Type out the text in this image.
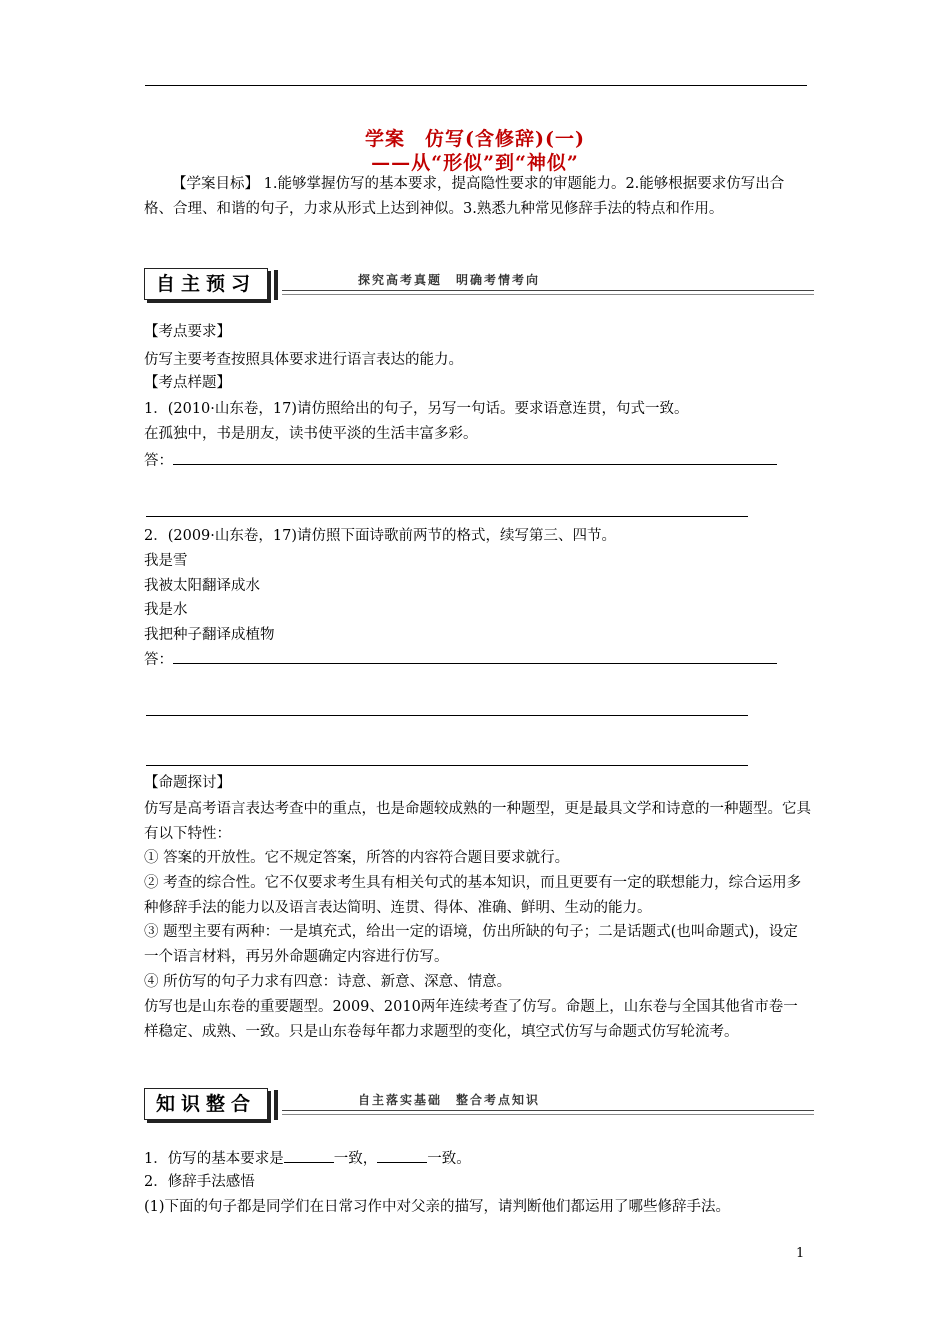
学案　仿写(含修辞)(一)
——从“形似”到“神似”
【学案目标】 1.能够掌握仿写的基本要求，提高隐性要求的审题能力。2.能够根据要求仿写出合格、合理、和谐的句子，力求从形式上达到神似。3.熟悉九种常见修辞手法的特点和作用。
自主预习	探究高考真题　明确考情考向
【考点要求】
仿写主要考查按照具体要求进行语言表达的能力。
【考点样题】
1．(2010·山东卷，17)请仿照给出的句子，另写一句话。要求语意连贯，句式一致。
在孤独中，书是朋友，读书使平淡的生活丰富多彩。
答：
2．(2009·山东卷，17)请仿照下面诗歌前两节的格式，续写第三、四节。
我是雪
我被太阳翻译成水
我是水
我把种子翻译成植物
答：
【命题探讨】
仿写是高考语言表达考查中的重点，也是命题较成熟的一种题型，更是最具文学和诗意的一种题型。它具有以下特性：
① 答案的开放性。它不规定答案，所答的内容符合题目要求就行。
② 考查的综合性。它不仅要求考生具有相关句式的基本知识，而且更要有一定的联想能力，综合运用多种修辞手法的能力以及语言表达简明、连贯、得体、准确、鲜明、生动的能力。
③ 题型主要有两种：一是填充式，给出一定的语境，仿出所缺的句子；二是话题式(也叫命题式)，设定一个语言材料，再另外命题确定内容进行仿写。
④ 所仿写的句子力求有四意：诗意、新意、深意、情意。
仿写也是山东卷的重要题型。2009、2010两年连续考查了仿写。命题上，山东卷与全国其他省市卷一样稳定、成熟、一致。只是山东卷每年都力求题型的变化，填空式仿写与命题式仿写轮流考。
知识整合	自主落实基础　整合考点知识
1．仿写的基本要求是	一致，	一致。
2．修辞手法感悟
(1)下面的句子都是同学们在日常习作中对父亲的描写，请判断他们都运用了哪些修辞手法。
1
